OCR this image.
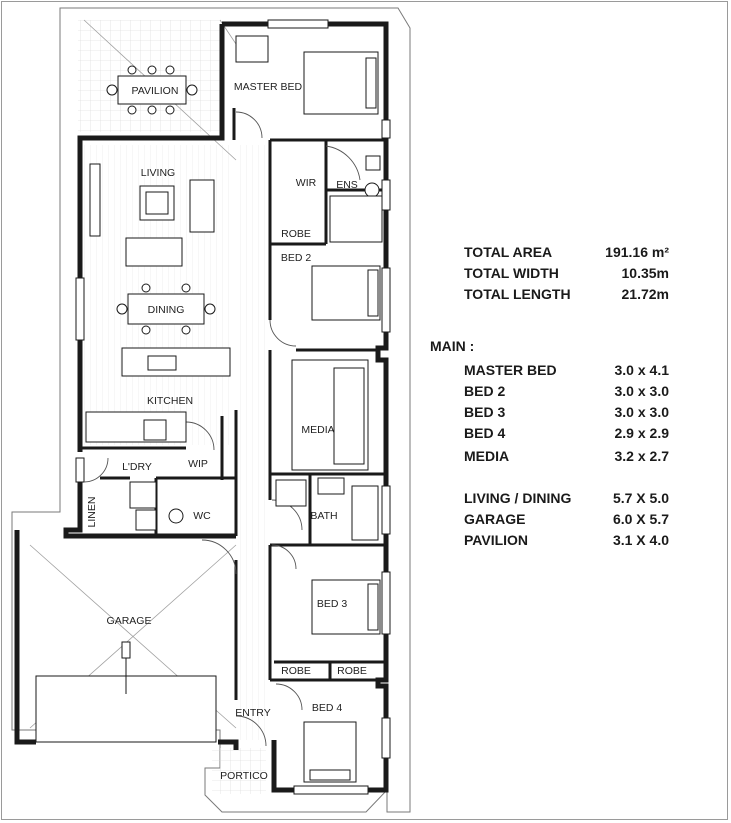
PAVILION	MASTER BED
WIR ENS
ROBE
LIVING
DINING
KITCHEN
BED 2
MEDIA
L'DRY	WIP
LINEN	WC	BATH
GARAGE
BED 3
ROBE ROBE
ENTRY	BED 4
PORTICO
TOTAL AREA	191.16 m²
TOTAL WIDTH	10.35m
TOTAL LENGTH	21.72m
MAIN :
MASTER BED	3.0 x 4.1
BED 2	3.0 x 3.0
BED 3	3.0 x 3.0
BED 4	2.9 x 2.9
MEDIA	3.2 x 2.7
LIVING / DINING	5.7 X 5.0
GARAGE	6.0 X 5.7
PAVILION	3.1 X 4.0
